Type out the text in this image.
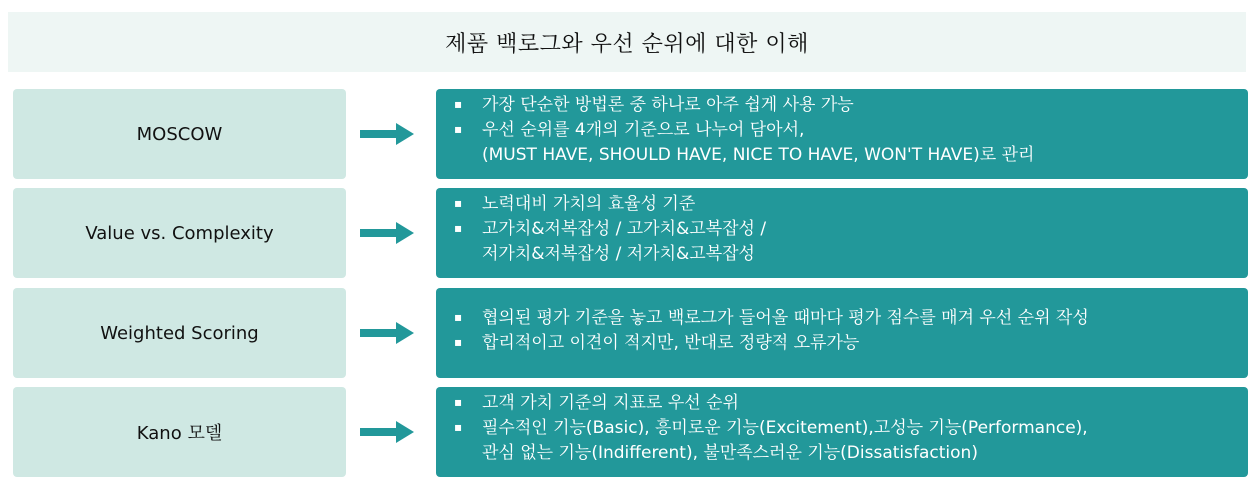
제품 백로그와 우선 순위에 대한 이해
MOSCOW
▪	가장 단순한 방법론 중 하나로 아주 쉽게 사용 가능
▪	우선 순위를 4개의 기준으로 나누어 담아서,
(MUST HAVE, SHOULD HAVE, NICE TO HAVE, WON'T HAVE)로 관리
Value vs. Complexity
▪	노력대비 가치의 효율성 기준
▪	고가치&저복잡성 / 고가치&고복잡성 /
저가치&저복잡성 / 저가치&고복잡성
Weighted Scoring
▪	협의된 평가 기준을 놓고 백로그가 들어올 때마다 평가 점수를 매겨 우선 순위 작성
▪	합리적이고 이견이 적지만, 반대로 정량적 오류가능
Kano 모델
▪	고객 가치 기준의 지표로 우선 순위
▪	필수적인 기능(Basic), 흥미로운 기능(Excitement),고성능 기능(Performance),
관심 없는 기능(Indifferent), 불만족스러운 기능(Dissatisfaction)
